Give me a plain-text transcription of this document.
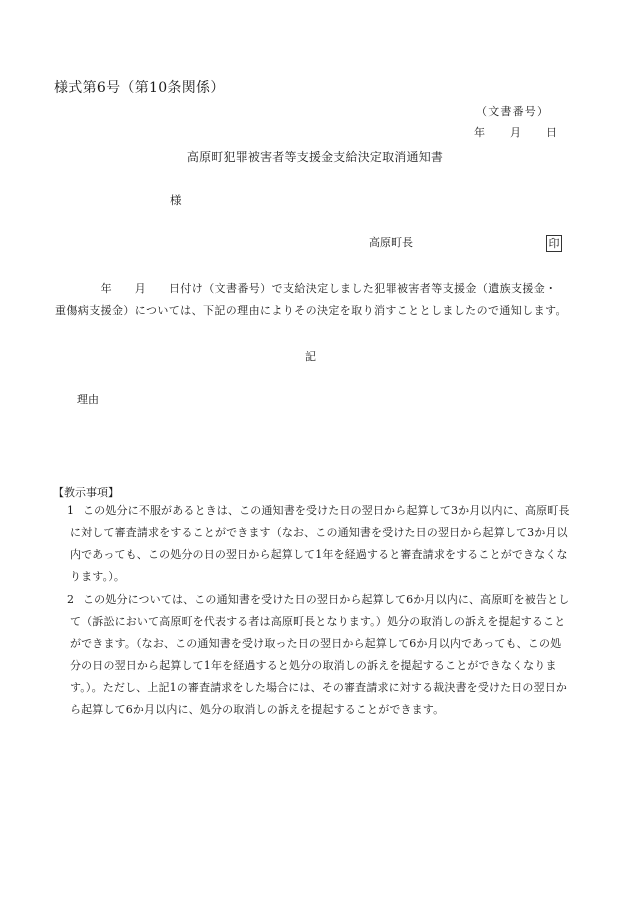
様式第6号（第10条関係）
（文書番号）
年　　月　　日
高原町犯罪被害者等支援金支給決定取消通知書
様
高原町長	印
　　　　年　　月　　日付け（文書番号）で支給決定しました犯罪被害者等支援金（遺族支援金・
重傷病支援金）については、下記の理由によりその決定を取り消すこととしましたので通知します。
記
理由
【教示事項】
1 この処分に不服があるときは、この通知書を受けた日の翌日から起算して3か月以内に、高原町長
に対して審査請求をすることができます（なお、この通知書を受けた日の翌日から起算して3か月以
内であっても、この処分の日の翌日から起算して1年を経過すると審査請求をすることができなくな
ります。）。
2 この処分については、この通知書を受けた日の翌日から起算して6か月以内に、高原町を被告とし
て（訴訟において高原町を代表する者は高原町長となります。）処分の取消しの訴えを提起すること
ができます。（なお、この通知書を受け取った日の翌日から起算して6か月以内であっても、この処
分の日の翌日から起算して1年を経過すると処分の取消しの訴えを提起することができなくなりま
す。）。ただし、上記1の審査請求をした場合には、その審査請求に対する裁決書を受けた日の翌日か
ら起算して6か月以内に、処分の取消しの訴えを提起することができます。
